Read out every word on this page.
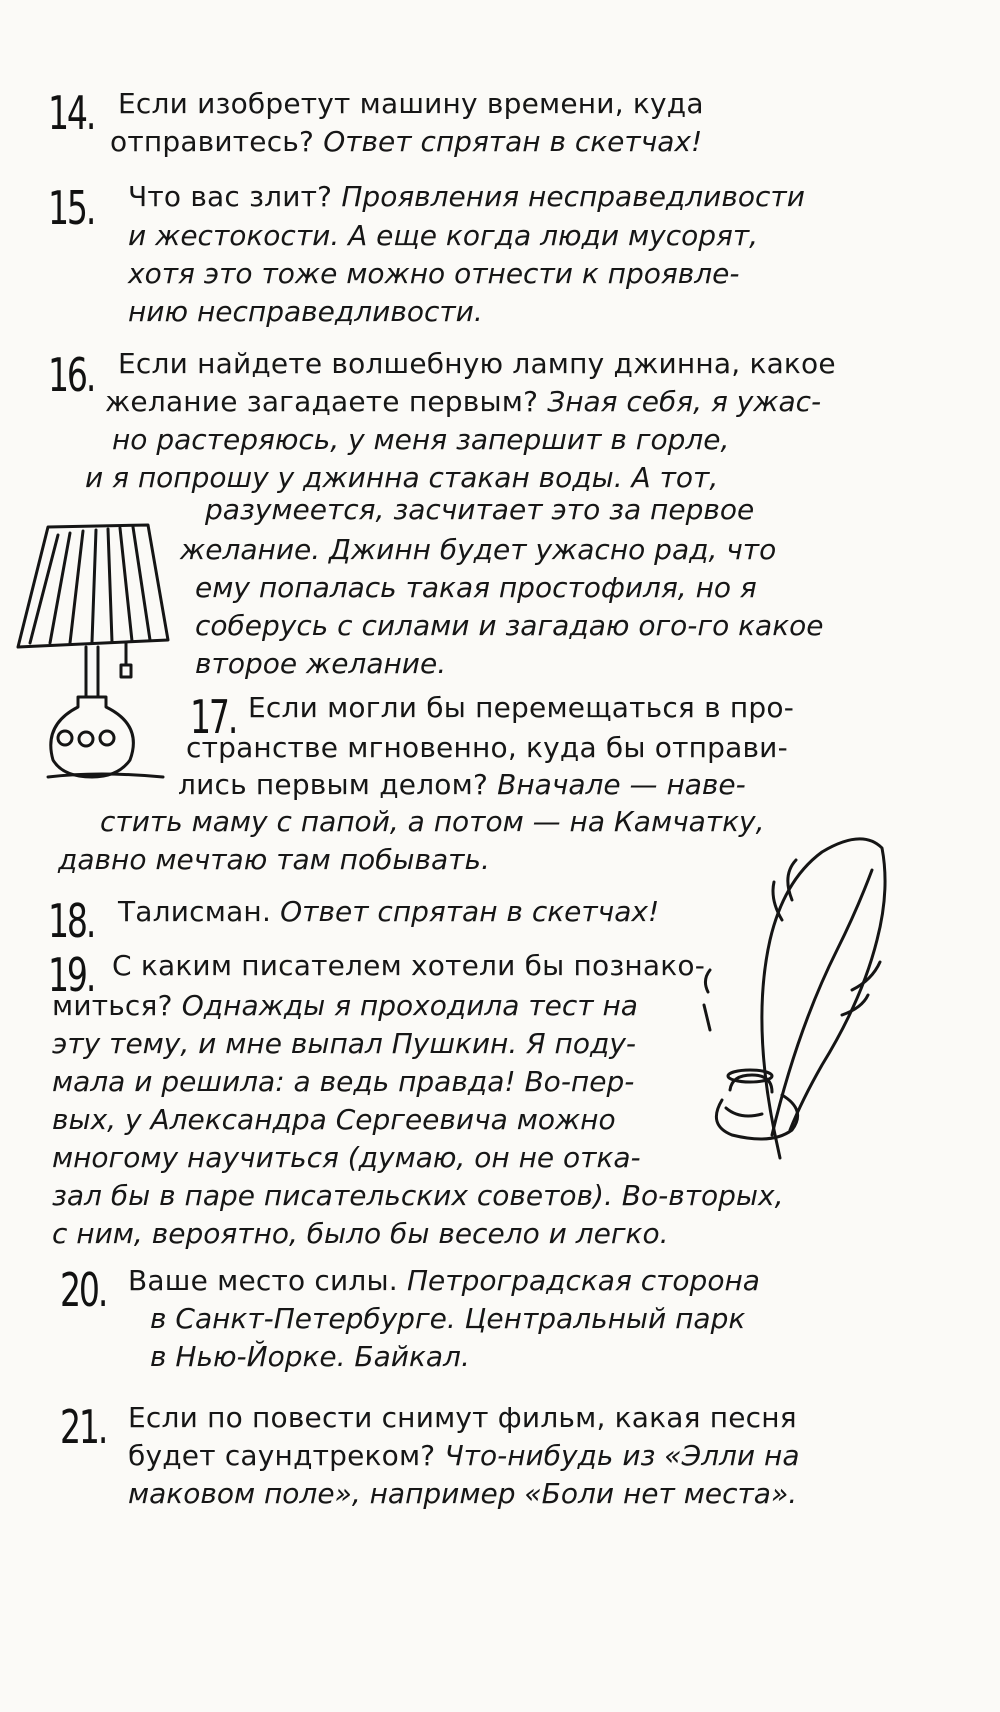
14. Если изобретут машину времени, куда
отправитесь? Ответ спрятан в скетчах!
15. Что вас злит? Проявления несправедливости
и жестокости. А еще когда люди мусорят,
хотя это тоже можно отнести к проявле-
нию несправедливости.
16. Если найдете волшебную лампу джинна, какое
желание загадаете первым? Зная себя, я ужас-
но растеряюсь, у меня запершит в горле,
и я попрошу у джинна стакан воды. А тот,
разумеется, засчитает это за первое
желание. Джинн будет ужасно рад, что
ему попалась такая простофиля, но я
соберусь с силами и загадаю ого-го какое
второе желание.
17. Если могли бы перемещаться в про-
странстве мгновенно, куда бы отправи-
лись первым делом? Вначале — наве-
стить маму с папой, а потом — на Камчатку,
давно мечтаю там побывать.
18. Талисман. Ответ спрятан в скетчах!
19. С каким писателем хотели бы познако-
миться? Однажды я проходила тест на
эту тему, и мне выпал Пушкин. Я поду-
мала и решила: а ведь правда! Во-пер-
вых, у Александра Сергеевича можно
многому научиться (думаю, он не отка-
зал бы в паре писательских советов). Во-вторых,
с ним, вероятно, было бы весело и легко.
20. Ваше место силы. Петроградская сторона
в Санкт-Петербурге. Центральный парк
в Нью-Йорке. Байкал.
21. Если по повести снимут фильм, какая песня
будет саундтреком? Что-нибудь из «Элли на
маковом поле», например «Боли нет места».
